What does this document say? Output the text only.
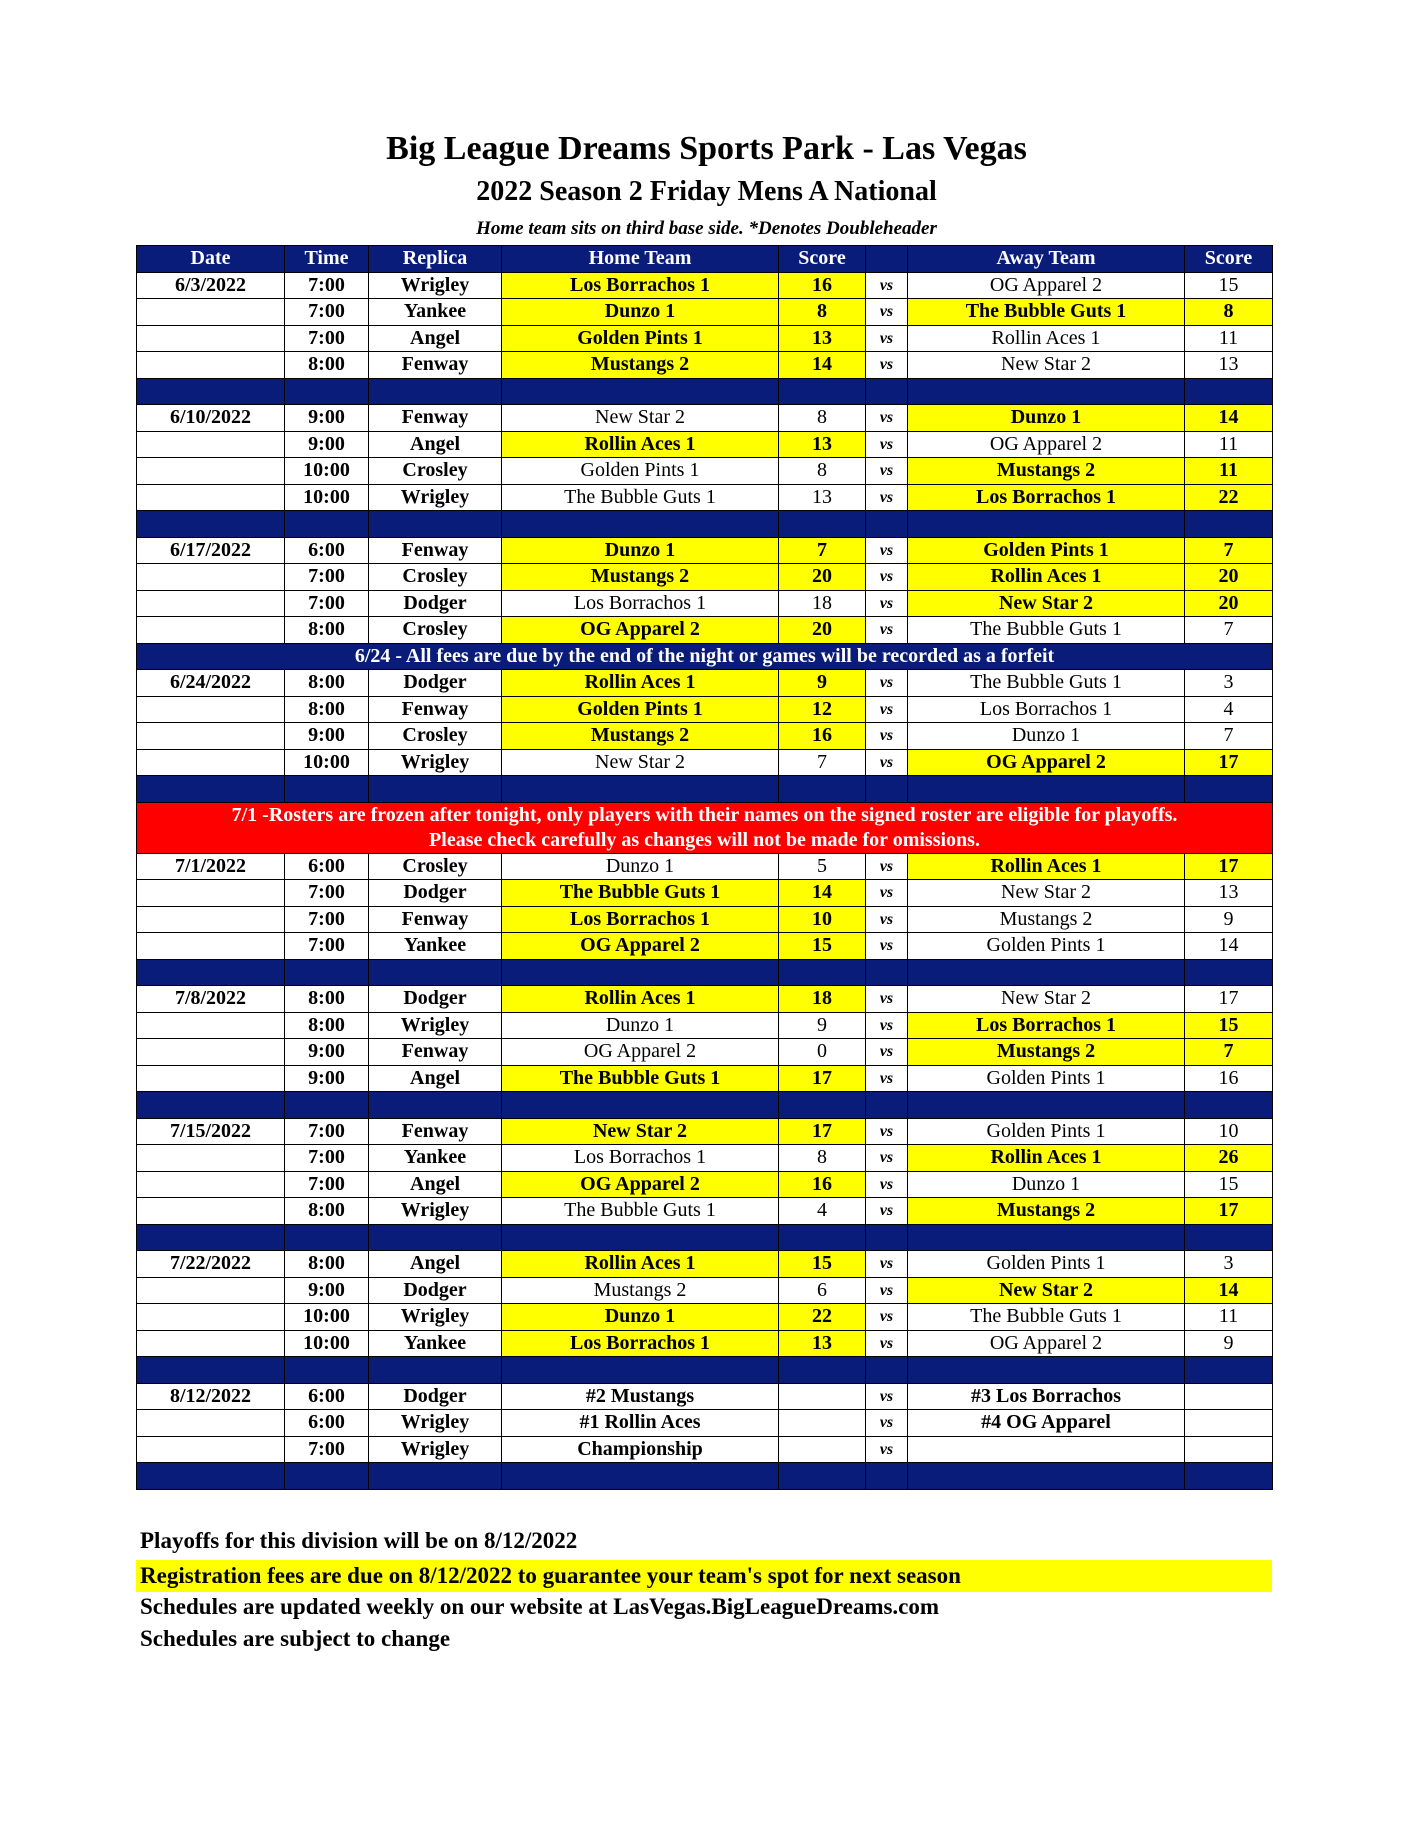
Big League Dreams Sports Park - Las Vegas
2022 Season 2 Friday Mens A National
Home team sits on third base side. *Denotes Doubleheader
Date	Time	Replica	Home Team	Score		Away Team	Score
6/3/2022	7:00	Wrigley	Los Borrachos 1	16	vs	OG Apparel 2	15
	7:00	Yankee	Dunzo 1	8	vs	The Bubble Guts 1	8
	7:00	Angel	Golden Pints 1	13	vs	Rollin Aces 1	11
	8:00	Fenway	Mustangs 2	14	vs	New Star 2	13

6/10/2022	9:00	Fenway	New Star 2	8	vs	Dunzo 1	14
	9:00	Angel	Rollin Aces 1	13	vs	OG Apparel 2	11
	10:00	Crosley	Golden Pints 1	8	vs	Mustangs 2	11
	10:00	Wrigley	The Bubble Guts 1	13	vs	Los Borrachos 1	22

6/17/2022	6:00	Fenway	Dunzo 1	7	vs	Golden Pints 1	7
	7:00	Crosley	Mustangs 2	20	vs	Rollin Aces 1	20
	7:00	Dodger	Los Borrachos 1	18	vs	New Star 2	20
	8:00	Crosley	OG Apparel 2	20	vs	The Bubble Guts 1	7
6/24 - All fees are due by the end of the night or games will be recorded as a forfeit							
6/24/2022	8:00	Dodger	Rollin Aces 1	9	vs	The Bubble Guts 1	3
	8:00	Fenway	Golden Pints 1	12	vs	Los Borrachos 1	4
	9:00	Crosley	Mustangs 2	16	vs	Dunzo 1	7
	10:00	Wrigley	New Star 2	7	vs	OG Apparel 2	17

7/1 -Rosters are frozen after tonight, only players with their names on the signed roster are eligible for playoffs.
Please check carefully as changes will not be made for omissions.							

7/1/2022	6:00	Crosley	Dunzo 1	5	vs	Rollin Aces 1	17
	7:00	Dodger	The Bubble Guts 1	14	vs	New Star 2	13
	7:00	Fenway	Los Borrachos 1	10	vs	Mustangs 2	9
	7:00	Yankee	OG Apparel 2	15	vs	Golden Pints 1	14

7/8/2022	8:00	Dodger	Rollin Aces 1	18	vs	New Star 2	17
	8:00	Wrigley	Dunzo 1	9	vs	Los Borrachos 1	15
	9:00	Fenway	OG Apparel 2	0	vs	Mustangs 2	7
	9:00	Angel	The Bubble Guts 1	17	vs	Golden Pints 1	16

7/15/2022	7:00	Fenway	New Star 2	17	vs	Golden Pints 1	10
	7:00	Yankee	Los Borrachos 1	8	vs	Rollin Aces 1	26
	7:00	Angel	OG Apparel 2	16	vs	Dunzo 1	15
	8:00	Wrigley	The Bubble Guts 1	4	vs	Mustangs 2	17

7/22/2022	8:00	Angel	Rollin Aces 1	15	vs	Golden Pints 1	3
	9:00	Dodger	Mustangs 2	6	vs	New Star 2	14
	10:00	Wrigley	Dunzo 1	22	vs	The Bubble Guts 1	11
	10:00	Yankee	Los Borrachos 1	13	vs	OG Apparel 2	9

8/12/2022	6:00	Dodger	#2 Mustangs		vs	#3 Los Borrachos	
	6:00	Wrigley	#1 Rollin Aces		vs	#4 OG Apparel	
	7:00	Wrigley	Championship		vs		

Playoffs for this division will be on 8/12/2022
Registration fees are due on 8/12/2022 to guarantee your team's spot for next season
Schedules are updated weekly on our website at LasVegas.BigLeagueDreams.com
Schedules are subject to change
